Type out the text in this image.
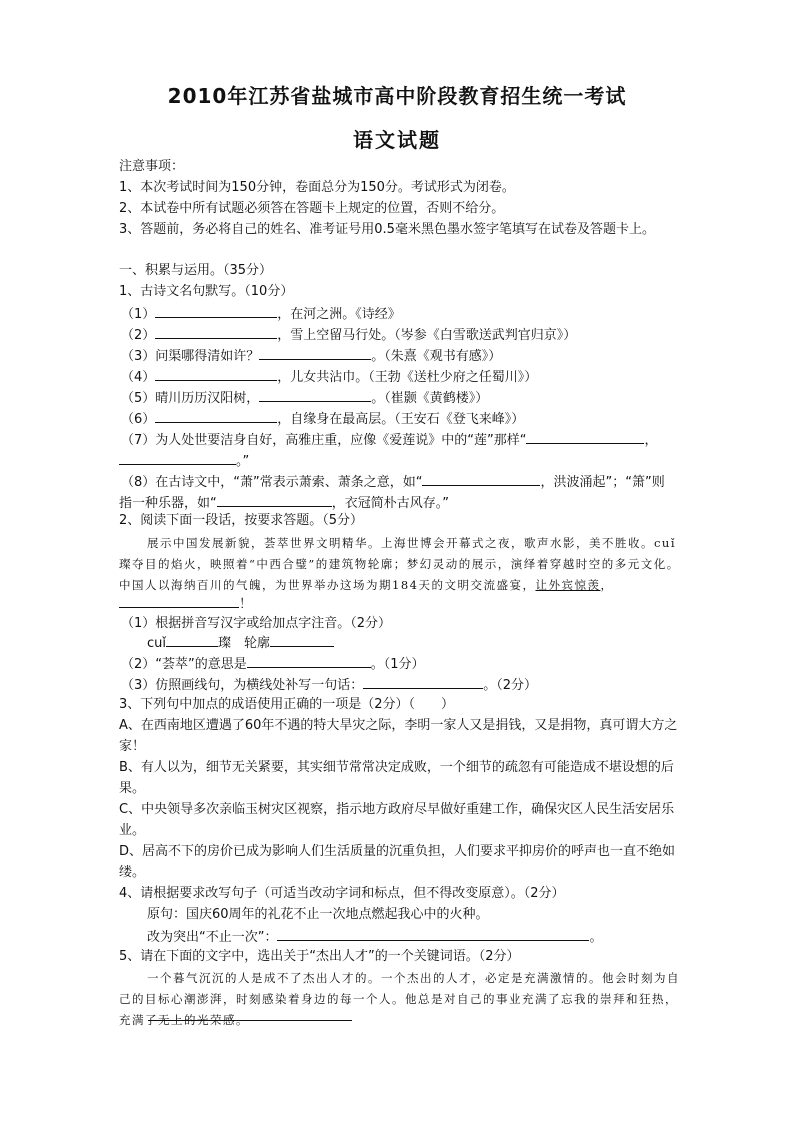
2010年江苏省盐城市高中阶段教育招生统一考试
语文试题
注意事项：
1、本次考试时间为150分钟，卷面总分为150分。考试形式为闭卷。
2、本试卷中所有试题必须答在答题卡上规定的位置，否则不给分。
3、答题前，务必将自己的姓名、准考证号用0.5毫米黑色墨水签字笔填写在试卷及答题卡上。
一、积累与运用。（35分）
1、古诗文名句默写。（10分）
（1）	，在河之洲。《诗经》
（2）	，雪上空留马行处。（岑参《白雪歌送武判官归京》）
（3）问渠哪得清如许？	。（朱熹《观书有感》）
（4）	，儿女共沾巾。（王勃《送杜少府之任蜀川》）
（5）晴川历历汉阳树，	。（崔颢《黄鹤楼》）
（6）	，自缘身在最高层。（王安石《登飞来峰》）
（7）为人处世要洁身自好，高雅庄重，应像《爱莲说》中的“莲”那样“	，
。”
（8）在古诗文中，“萧”常表示萧索、萧条之意，如“	，洪波涌起”；“箫”则
指一种乐器，如“	，衣冠简朴古风存。”
2、阅读下面一段话，按要求答题。（5分）
展示中国发展新貌，荟萃世界文明精华。上海世博会开幕式之夜，歌声水影，美不胜收。cuǐ
璨夺目的焰火，映照着“中西合璧”的建筑物轮廓；梦幻灵动的展示，演绎着穿越时空的多元文化。
中国人以海纳百川的气魄，为世界举办这场为期184天的文明交流盛宴，让外宾惊羡，
！
（1）根据拼音写汉字或给加点字注音。（2分）
cuǐ	璨　轮廓
（2）“荟萃”的意思是	。（1分）
（3）仿照画线句，为横线处补写一句话：	。（2分）
3、下列句中加点的成语使用正确的一项是（2分）（　　）
A、在西南地区遭遇了60年不遇的特大旱灾之际，李明一家人又是捐钱，又是捐物，真可谓大方之
家！
B、有人以为，细节无关紧要，其实细节常常决定成败，一个细节的疏忽有可能造成不堪设想的后
果。
C、中央领导多次亲临玉树灾区视察，指示地方政府尽早做好重建工作，确保灾区人民生活安居乐
业。
D、居高不下的房价已成为影响人们生活质量的沉重负担，人们要求平抑房价的呼声也一直不绝如
缕。
4、请根据要求改写句子（可适当改动字词和标点，但不得改变原意）。（2分）
原句：国庆60周年的礼花不止一次地点燃起我心中的火种。
改为突出“不止一次”：	。
5、请在下面的文字中，选出关于“杰出人才”的一个关键词语。（2分）
一个暮气沉沉的人是成不了杰出人才的。一个杰出的人才，必定是充满激情的。他会时刻为自
己的目标心潮澎湃，时刻感染着身边的每一个人。他总是对自己的事业充满了忘我的崇拜和狂热，
充满了无上的光荣感。
